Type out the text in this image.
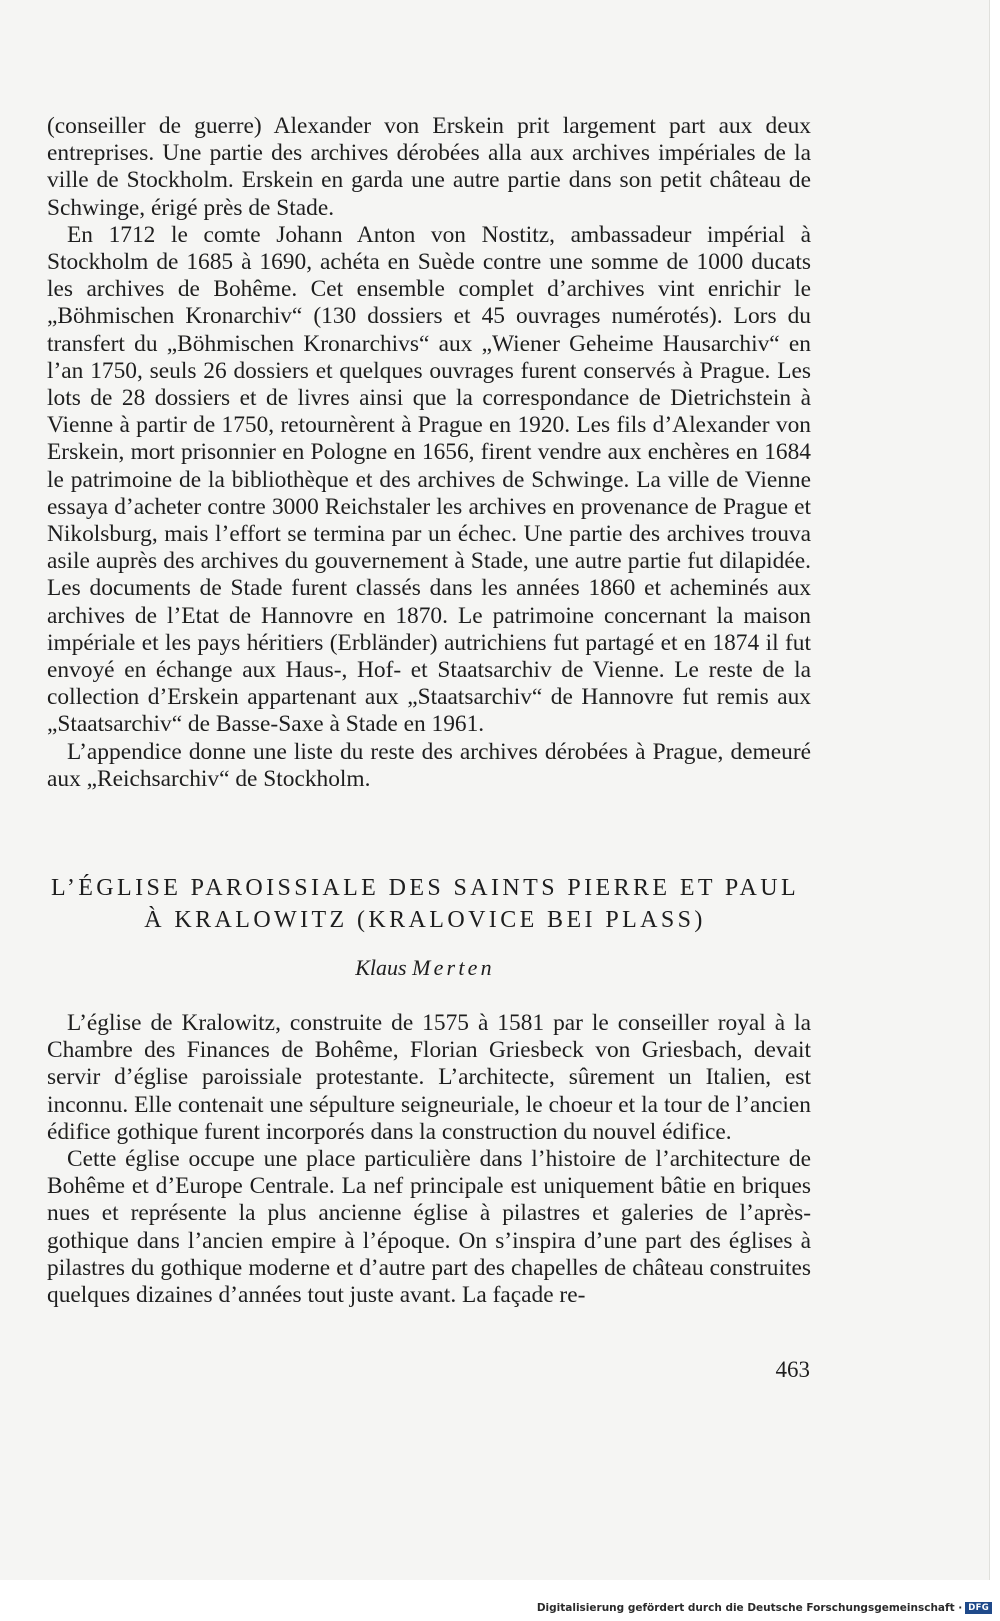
(conseiller de guerre) Alexander von Erskein prit largement part aux deux entreprises. Une partie des archives dérobées alla aux archives impériales de la ville de Stockholm. Erskein en garda une autre partie dans son petit château de Schwinge, érigé près de Stade.

En 1712 le comte Johann Anton von Nostitz, ambassadeur impérial à Stockholm de 1685 à 1690, achéta en Suède contre une somme de 1000 ducats les archives de Bohême. Cet ensemble complet d’archives vint enrichir le „Böhmischen Kronarchiv“ (130 dossiers et 45 ouvrages numérotés). Lors du transfert du „Böhmischen Kronarchivs“ aux „Wiener Geheime Hausarchiv“ en l’an 1750, seuls 26 dossiers et quelques ouvrages furent conservés à Prague. Les lots de 28 dossiers et de livres ainsi que la correspondance de Dietrichstein à Vienne à partir de 1750, retournèrent à Prague en 1920. Les fils d’Alexander von Erskein, mort prisonnier en Pologne en 1656, firent vendre aux enchères en 1684 le patrimoine de la bibliothèque et des archives de Schwinge. La ville de Vienne essaya d’acheter contre 3000 Reichstaler les archives en provenance de Prague et Nikolsburg, mais l’effort se termina par un échec. Une partie des archives trouva asile auprès des archives du gouvernement à Stade, une autre partie fut dilapidée. Les documents de Stade furent classés dans les années 1860 et acheminés aux archives de l’Etat de Hannovre en 1870. Le patrimoine concernant la maison impériale et les pays héritiers (Erbländer) autrichiens fut partagé et en 1874 il fut envoyé en échange aux Haus-, Hof- et Staatsarchiv de Vienne. Le reste de la collection d’Erskein appartenant aux „Staatsarchiv“ de Hannovre fut remis aux „Staatsarchiv“ de Basse-Saxe à Stade en 1961.

L’appendice donne une liste du reste des archives dérobées à Prague, demeuré aux „Reichsarchiv“ de Stockholm.

L’ÉGLISE PAROISSIALE DES SAINTS PIERRE ET PAUL

À KRALOWITZ (KRALOVICE BEI PLASS)

Klaus Merten

L’église de Kralowitz, construite de 1575 à 1581 par le conseiller royal à la Chambre des Finances de Bohême, Florian Griesbeck von Griesbach, devait servir d’église paroissiale protestante. L’architecte, sûrement un Italien, est inconnu. Elle contenait une sépulture seigneuriale, le choeur et la tour de l’ancien édifice gothique furent incorporés dans la construction du nouvel édifice.

Cette église occupe une place particulière dans l’histoire de l’architecture de Bohême et d’Europe Centrale. La nef principale est uniquement bâtie en briques nues et représente la plus ancienne église à pilastres et galeries de l’après-gothique dans l’ancien empire à l’époque. On s’inspira d’une part des églises à pilastres du gothique moderne et d’autre part des chapelles de château construites quelques dizaines d’années tout juste avant. La façade re-

463

Digitalisierung gefördert durch die Deutsche Forschungsgemeinschaft · DFG
